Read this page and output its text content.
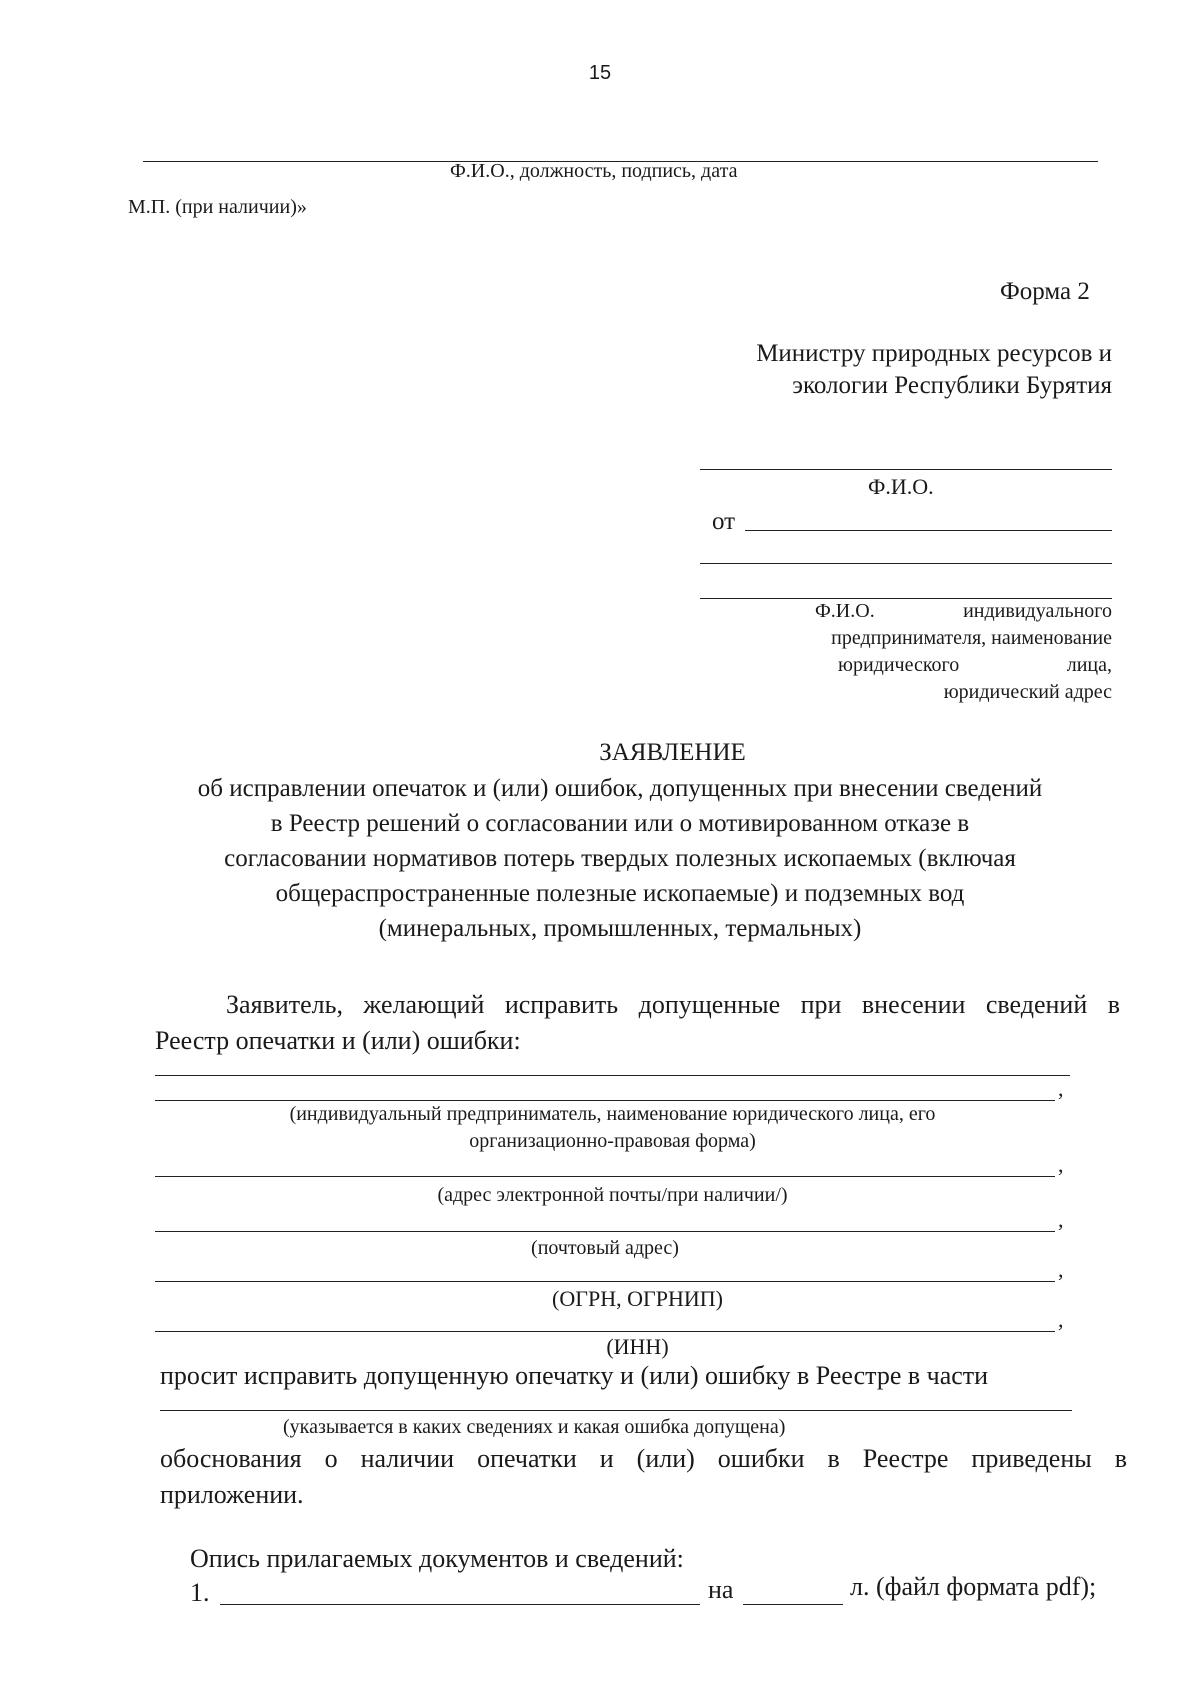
15
Ф.И.О., должность, подпись, дата
М.П. (при наличии)»
Форма 2
Министру природных ресурсов и
экологии Республики Бурятия
Ф.И.О.
от
Ф.И.О.	индивидуального
предпринимателя, наименование
юридического	лица,
юридический адрес
ЗАЯВЛЕНИЕ
об исправлении опечаток и (или) ошибок, допущенных при внесении сведений
в Реестр решений о согласовании или о мотивированном отказе в
согласовании нормативов потерь твердых полезных ископаемых (включая
общераспространенные полезные ископаемые) и подземных вод
(минеральных, промышленных, термальных)
Заявитель, желающий исправить допущенные при внесении сведений в
Реестр опечатки и (или) ошибки:
,
(индивидуальный предприниматель, наименование юридического лица, его
организационно-правовая форма)
,
(адрес электронной почты/при наличии/)
,
(почтовый адрес)
,
(ОГРН, ОГРНИП)
,
(ИНН)
просит исправить допущенную опечатку и (или) ошибку в Реестре в части
(указывается в каких сведениях и какая ошибка допущена)
обоснования о наличии опечатки и (или) ошибки в Реестре приведены в
приложении.
Опись прилагаемых документов и сведений:
1.	на	л. (файл формата pdf);
